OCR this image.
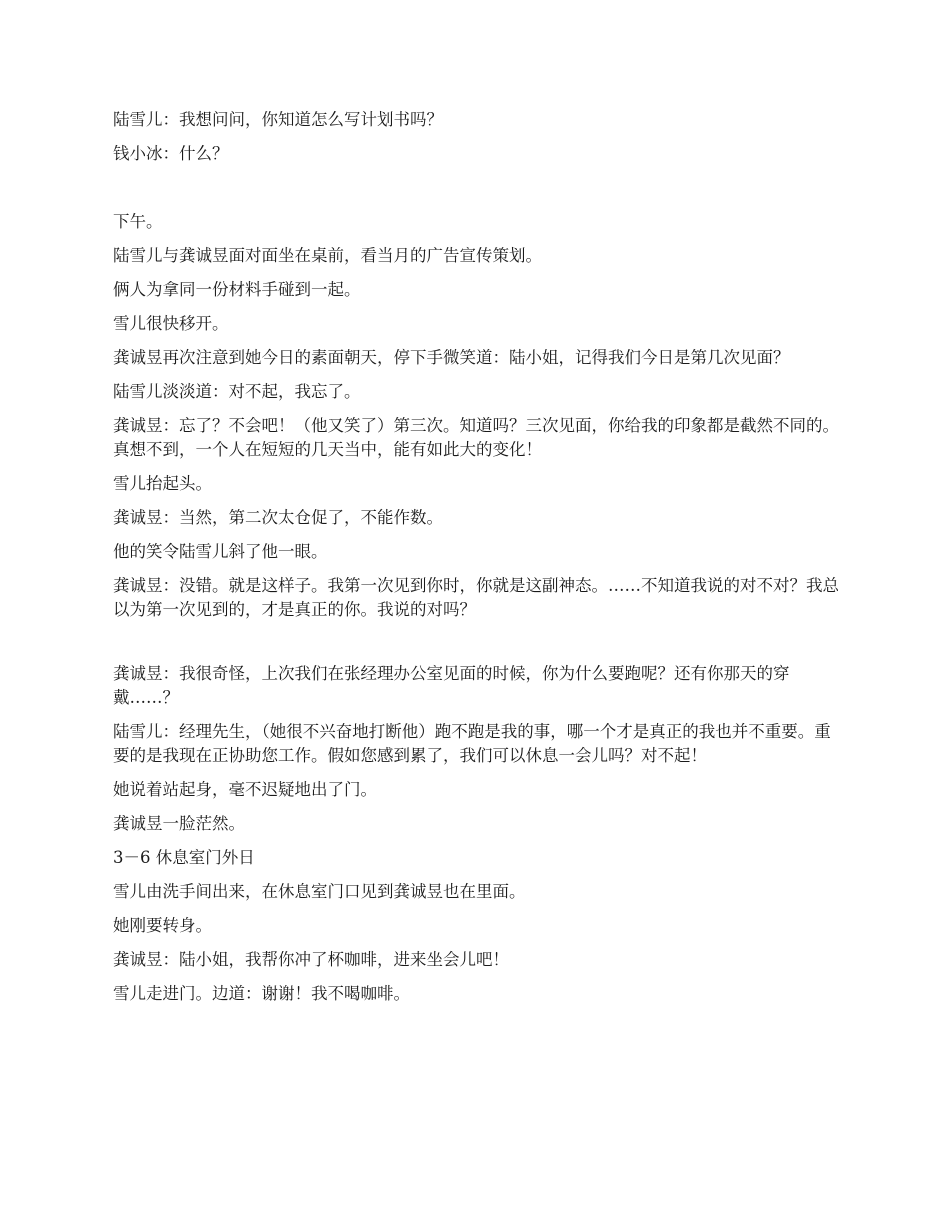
陆雪儿：我想问问，你知道怎么写计划书吗？

钱小冰：什么？

下午。

陆雪儿与龚诚昱面对面坐在桌前，看当月的广告宣传策划。

俩人为拿同一份材料手碰到一起。

雪儿很快移开。

龚诚昱再次注意到她今日的素面朝天，停下手微笑道：陆小姐，记得我们今日是第几次见面？

陆雪儿淡淡道：对不起，我忘了。

龚诚昱：忘了？不会吧！（他又笑了）第三次。知道吗？三次见面，你给我的印象都是截然不同的。真想不到，一个人在短短的几天当中，能有如此大的变化！

雪儿抬起头。

龚诚昱：当然，第二次太仓促了，不能作数。

他的笑令陆雪儿斜了他一眼。

龚诚昱：没错。就是这样子。我第一次见到你时，你就是这副神态。……不知道我说的对不对？我总以为第一次见到的，才是真正的你。我说的对吗？

龚诚昱：我很奇怪，上次我们在张经理办公室见面的时候，你为什么要跑呢？还有你那天的穿戴……？

陆雪儿：经理先生，（她很不兴奋地打断他）跑不跑是我的事，哪一个才是真正的我也并不重要。重要的是我现在正协助您工作。假如您感到累了，我们可以休息一会儿吗？对不起！

她说着站起身，毫不迟疑地出了门。

龚诚昱一脸茫然。

3－6 休息室门外日

雪儿由洗手间出来，在休息室门口见到龚诚昱也在里面。

她刚要转身。

龚诚昱：陆小姐，我帮你冲了杯咖啡，进来坐会儿吧！

雪儿走进门。边道：谢谢！我不喝咖啡。
